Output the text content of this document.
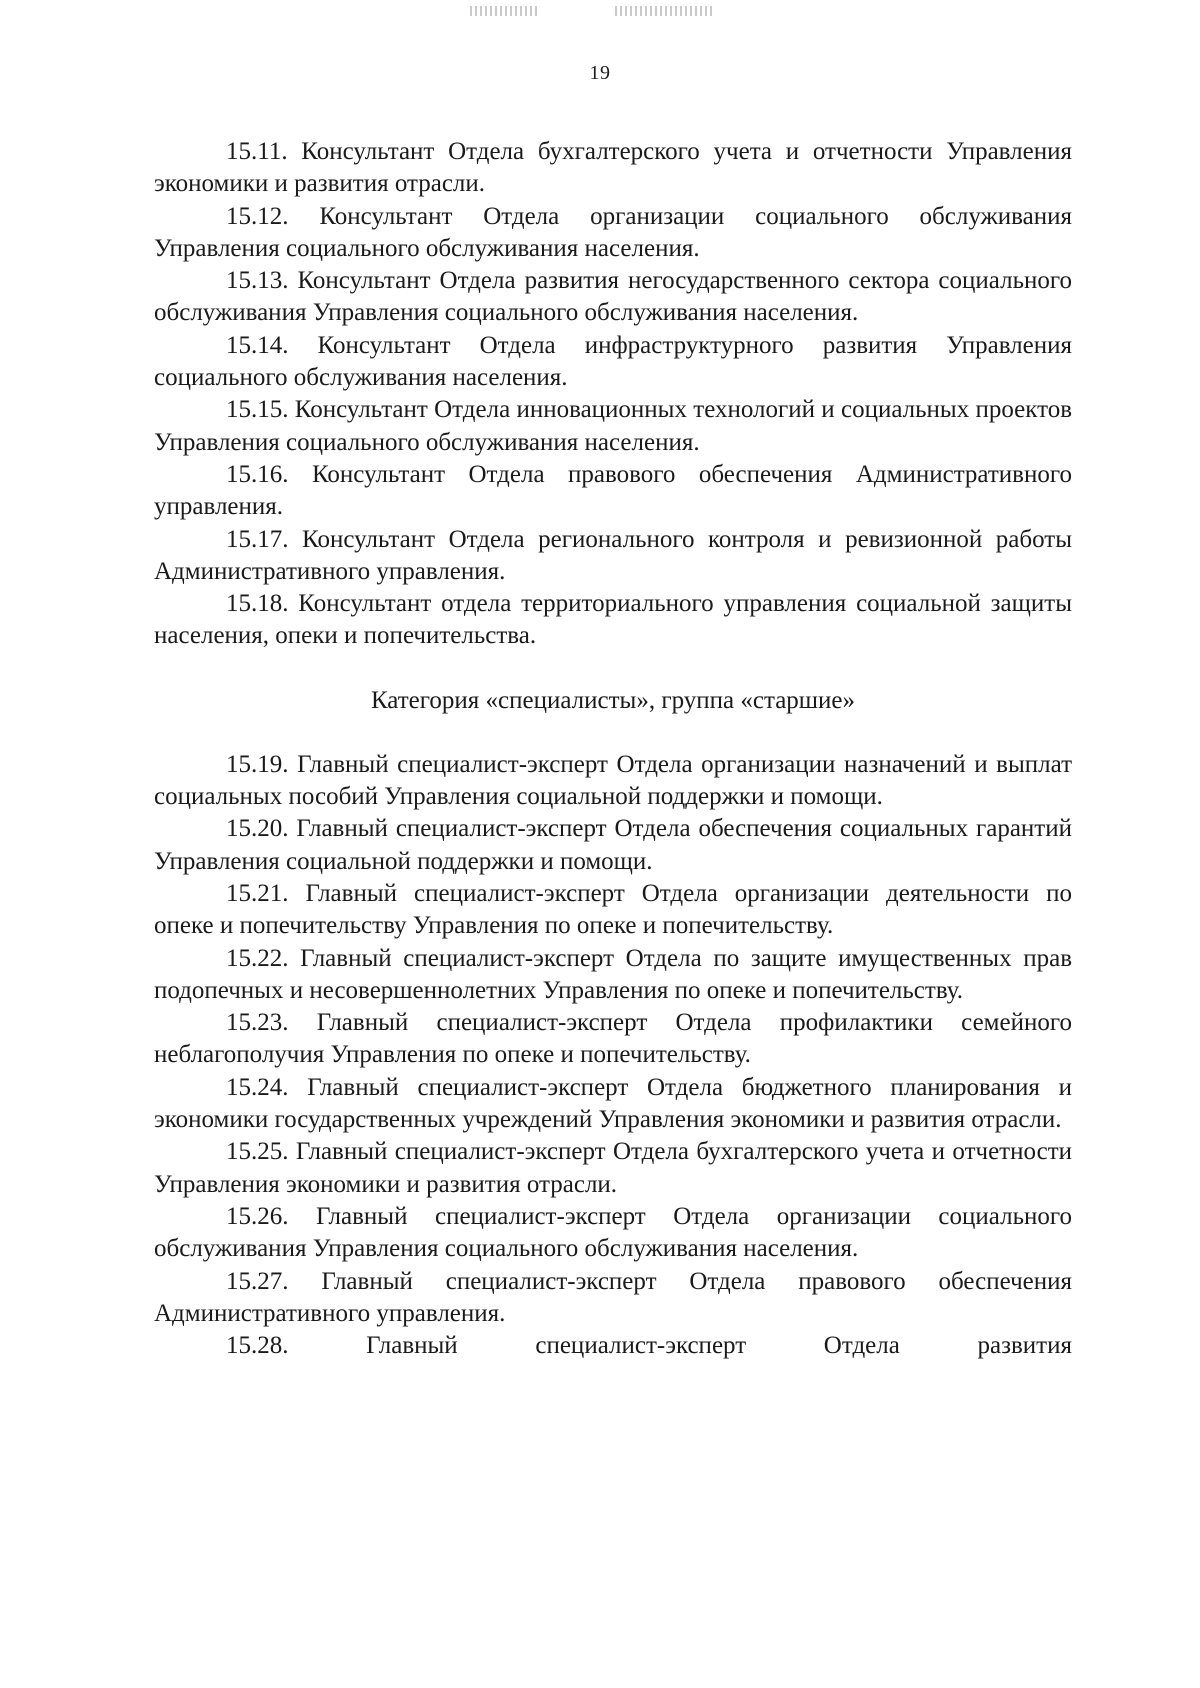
19

15.11. Консультант Отдела бухгалтерского учета и отчетности Управления экономики и развития отрасли.

15.12. Консультант Отдела организации социального обслуживания Управления социального обслуживания населения.

15.13. Консультант Отдела развития негосударственного сектора социального обслуживания Управления социального обслуживания населения.

15.14. Консультант Отдела инфраструктурного развития Управления социального обслуживания населения.

15.15. Консультант Отдела инновационных технологий и социальных проектов Управления социального обслуживания населения.

15.16. Консультант Отдела правового обеспечения Административного управления.

15.17. Консультант Отдела регионального контроля и ревизионной работы Административного управления.

15.18. Консультант отдела территориального управления социальной защиты населения, опеки и попечительства.

Категория «специалисты», группа «старшие»

15.19. Главный специалист-эксперт Отдела организации назначений и выплат социальных пособий Управления социальной поддержки и помощи.

15.20. Главный специалист-эксперт Отдела обеспечения социальных гарантий Управления социальной поддержки и помощи.

15.21. Главный специалист-эксперт Отдела организации деятельности по опеке и попечительству Управления по опеке и попечительству.

15.22. Главный специалист-эксперт Отдела по защите имущественных прав подопечных и несовершеннолетних Управления по опеке и попечительству.

15.23. Главный специалист-эксперт Отдела профилактики семейного неблагополучия Управления по опеке и попечительству.

15.24. Главный специалист-эксперт Отдела бюджетного планирования и экономики государственных учреждений Управления экономики и развития отрасли.

15.25. Главный специалист-эксперт Отдела бухгалтерского учета и отчетности Управления экономики и развития отрасли.

15.26. Главный специалист-эксперт Отдела организации социального обслуживания Управления социального обслуживания населения.

15.27. Главный специалист-эксперт Отдела правового обеспечения Административного управления.

15.28. Главный специалист-эксперт Отдела развития
